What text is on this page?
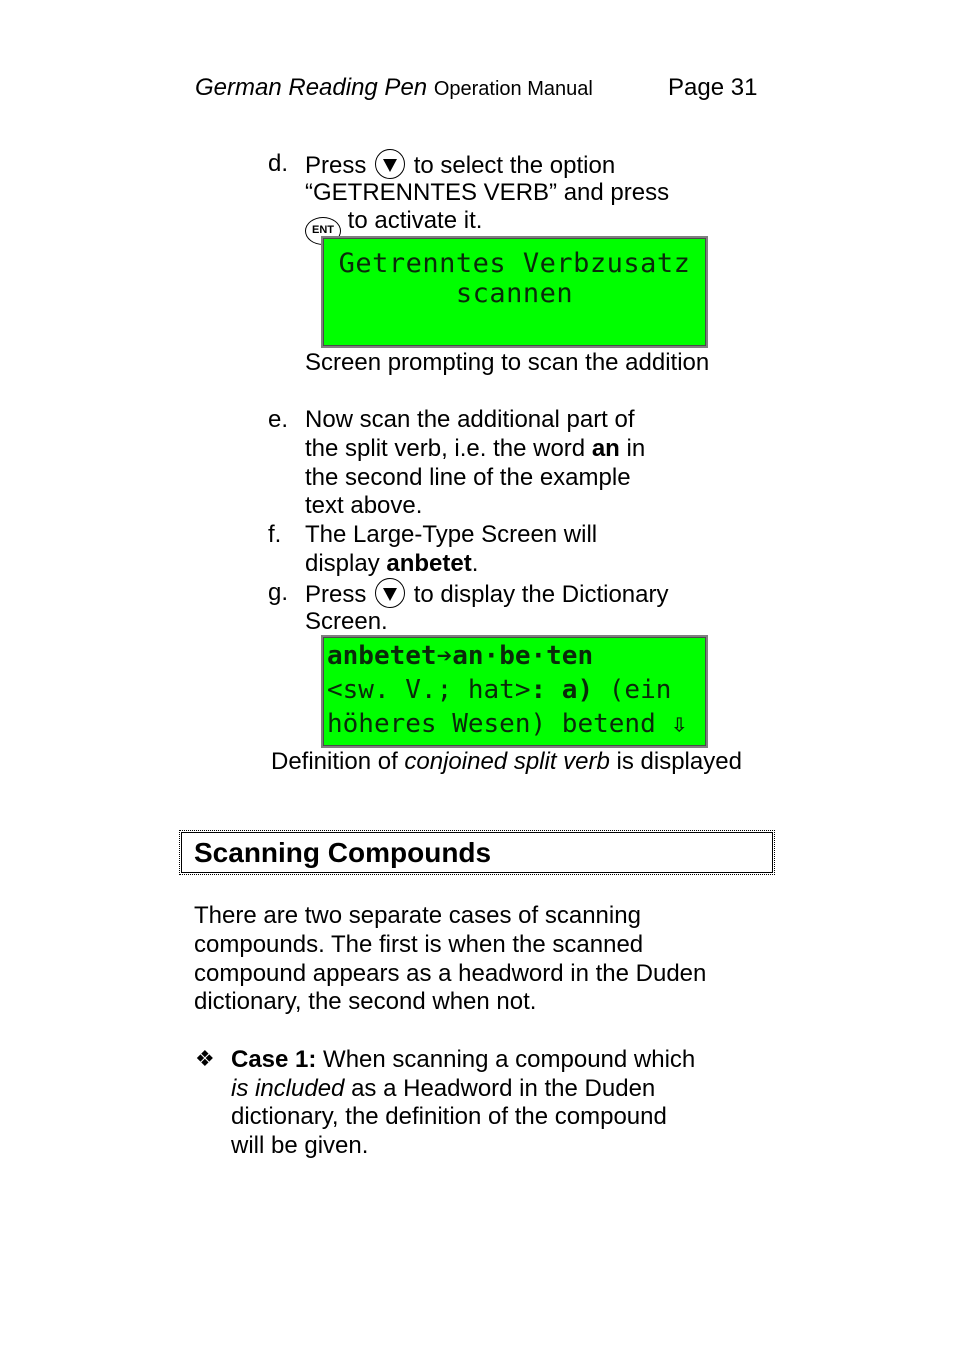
German Reading Pen Operation Manual	Page 31
d. Press to select the option
“GETRENNTES VERB” and press
ENT to activate it.
Getrenntes Verbzusatz
scannen
Screen prompting to scan the addition
e. Now scan the additional part of
the split verb, i.e. the word an in
the second line of the example
text above.
f. The Large-Type Screen will
display anbetet.
g. Press to display the Dictionary
Screen.
anbetet➔an·be·ten
<sw. V.; hat>: a) (ein
höheres Wesen) betend ⇩
Definition of conjoined split verb is displayed
Scanning Compounds
There are two separate cases of scanning
compounds. The first is when the scanned
compound appears as a headword in the Duden
dictionary, the second when not.
❖ Case 1: When scanning a compound which
is included as a Headword in the Duden
dictionary, the definition of the compound
will be given.
